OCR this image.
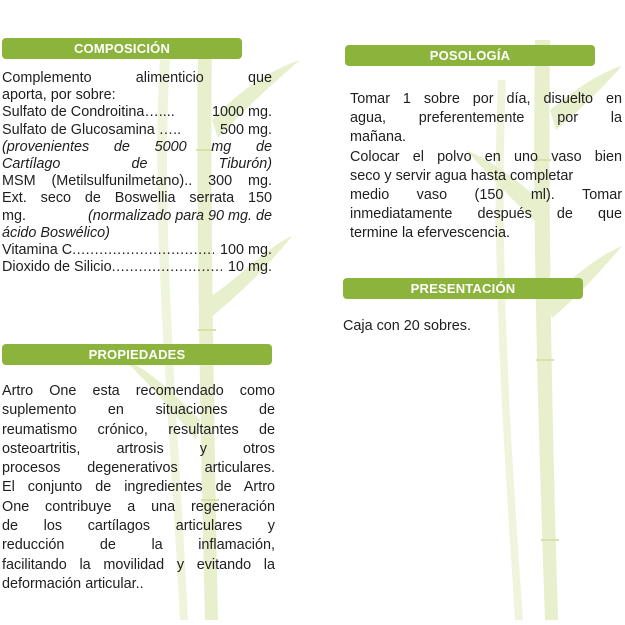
COMPOSICIÓN
Complemento alimenticio que
aporta, por sobre:
Sulfato de Condroitina…....	1000 mg.
Sulfato de Glucosamina …..	500 mg.
(provenientes de 5000 mg de
Cartílago de Tiburón)
MSM (Metilsulfunilmetano).. 300 mg.
Ext. seco de Boswellia serrata 150
mg.	(normalizado para 90 mg. de
ácido Boswélico)
Vitamina C .....	100 mg.
Dioxido de Silicio .....	10 mg.
PROPIEDADES
Artro One esta recomendado como
suplemento en situaciones de
reumatismo crónico, resultantes de
osteoartritis, artrosis y otros
procesos degenerativos articulares.
El conjunto de ingredientes de Artro
One contribuye a una regeneración
de los cartílagos articulares y
reducción de la inflamación,
facilitando la movilidad y evitando la
deformación articular..
POSOLOGÍA
Tomar 1 sobre por día, disuelto en
agua, preferentemente por la
mañana.
Colocar el polvo en uno vaso bien
seco y servir agua hasta completar
medio vaso (150 ml). Tomar
inmediatamente después de que
termine la efervescencia.
PRESENTACIÓN
Caja con 20 sobres.
